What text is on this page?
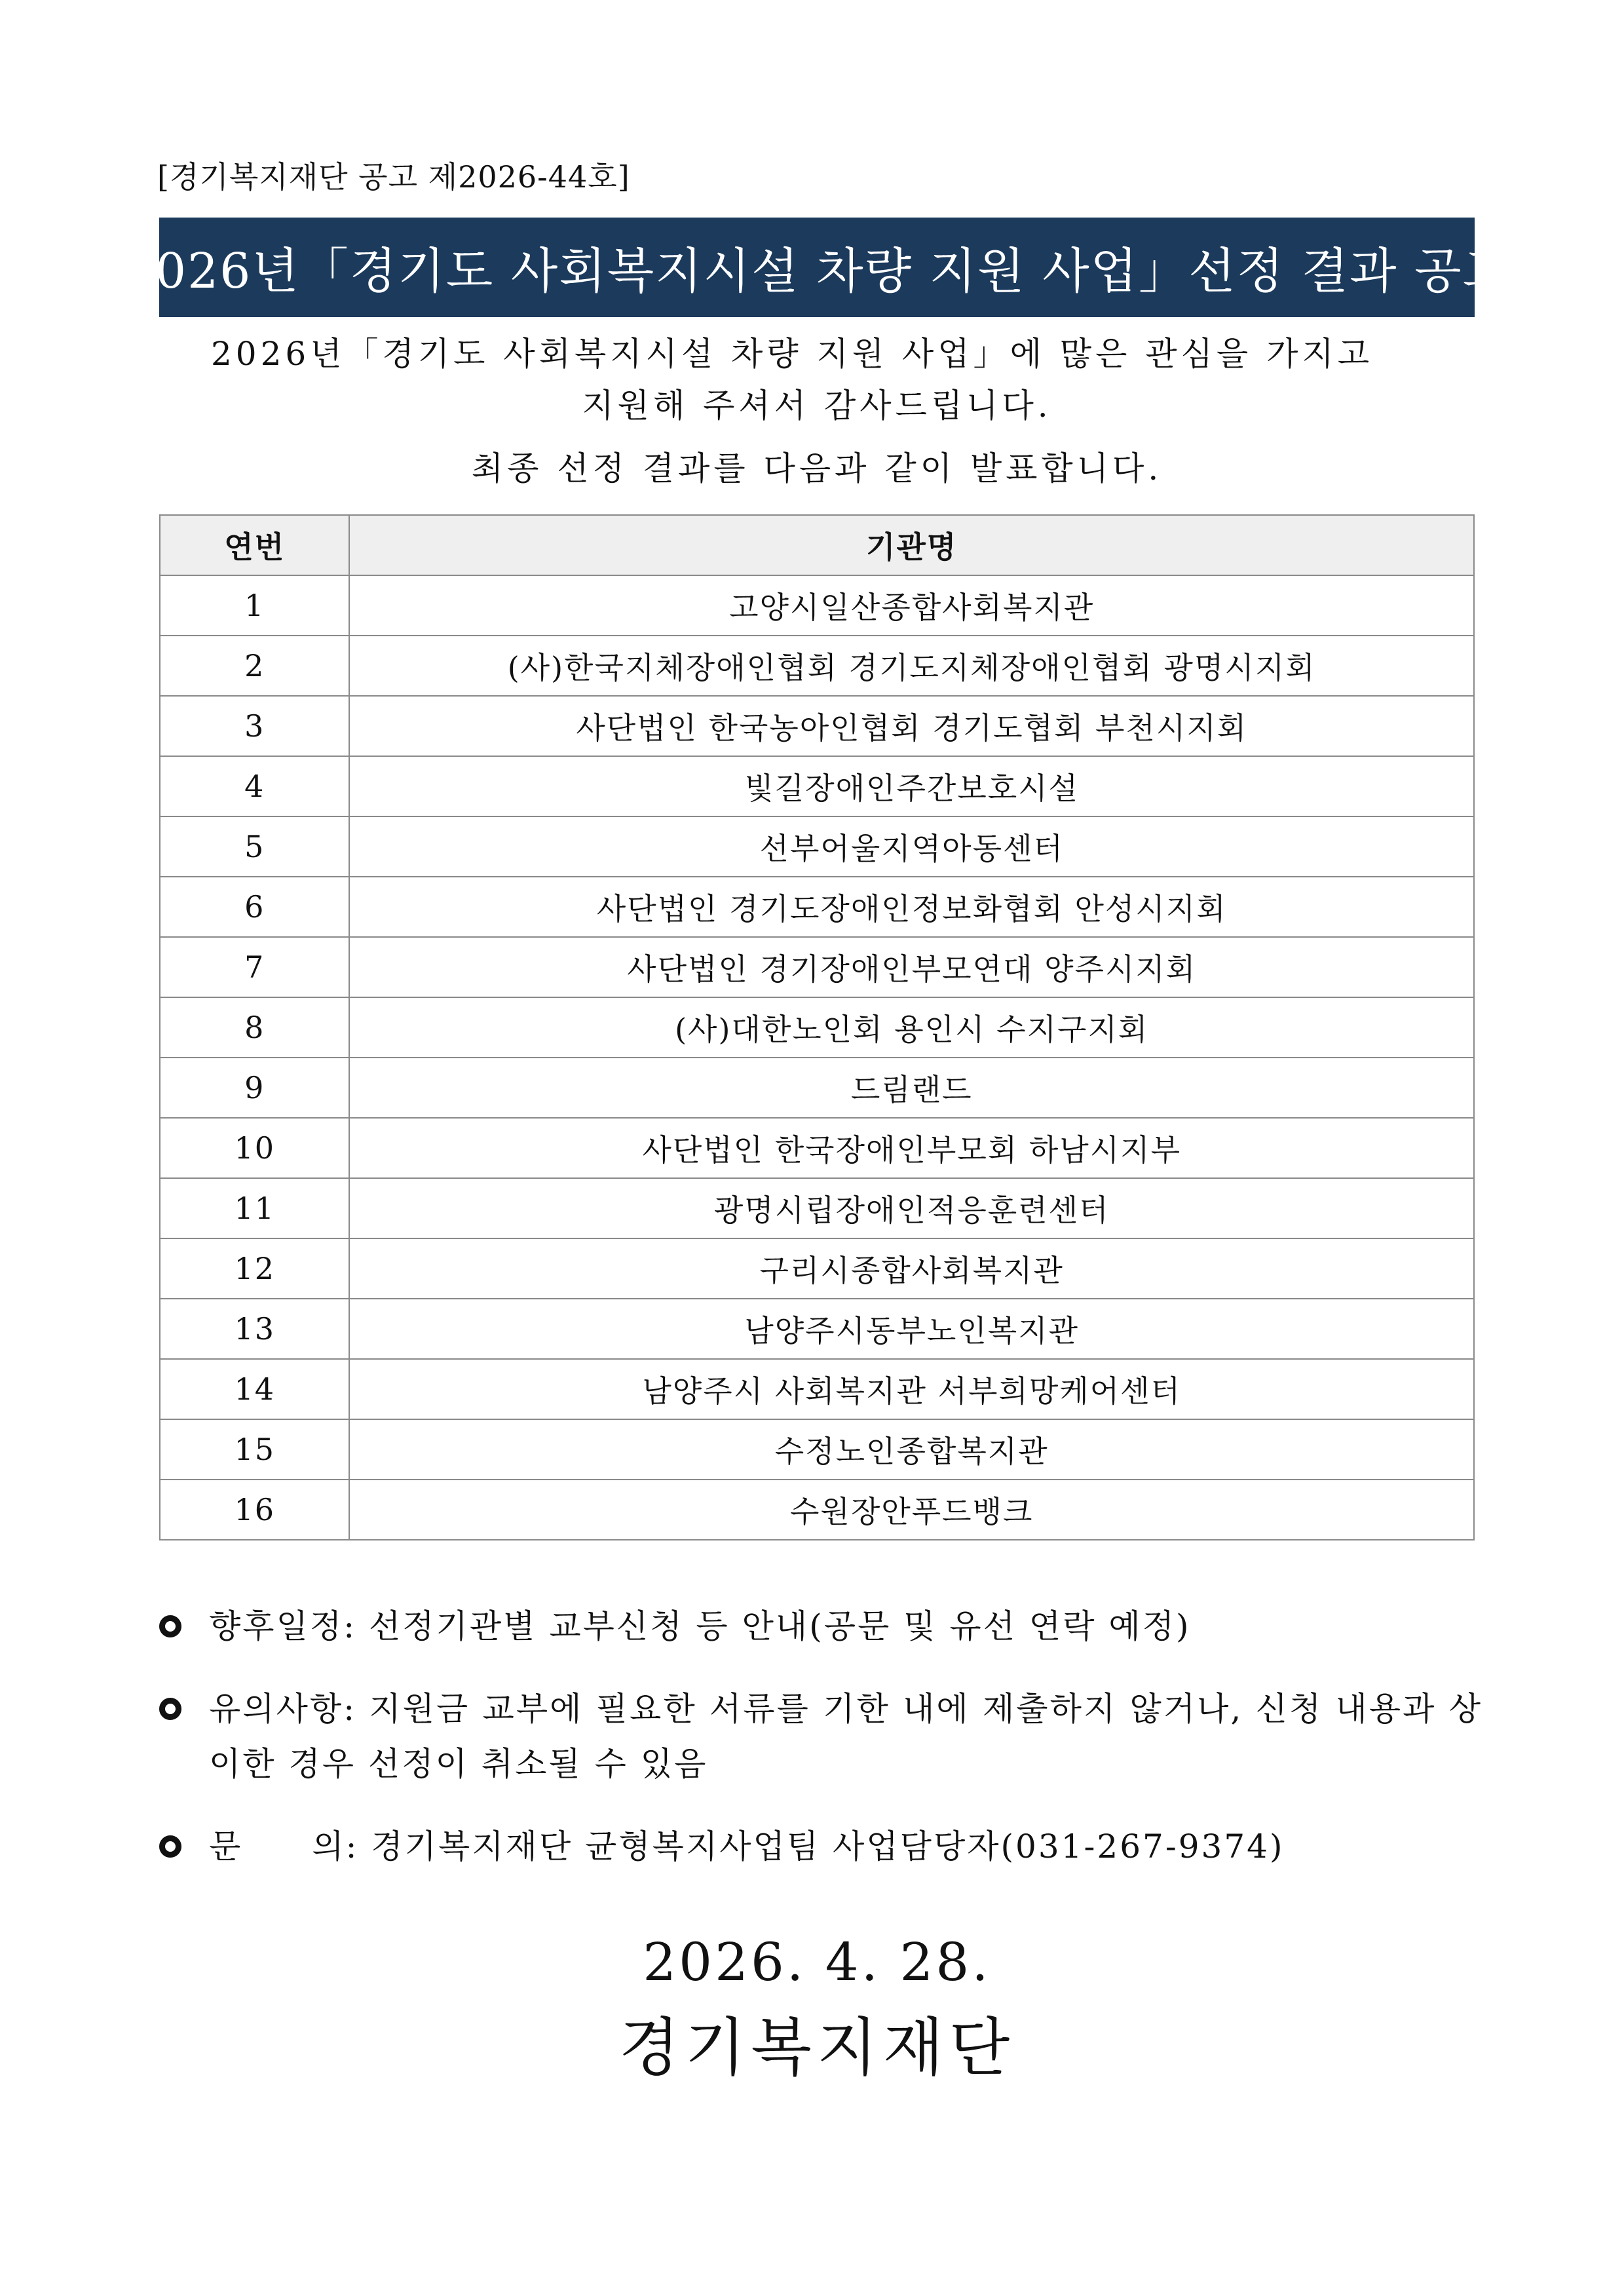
[경기복지재단 공고 제2026-44호]
2026년「경기도 사회복지시설 차량 지원 사업」선정 결과 공고
2026년「경기도 사회복지시설 차량 지원 사업」에 많은 관심을 가지고
지원해 주셔서 감사드립니다.
최종 선정 결과를 다음과 같이 발표합니다.
연번	기관명
1	고양시일산종합사회복지관
2	(사)한국지체장애인협회 경기도지체장애인협회 광명시지회
3	사단법인 한국농아인협회 경기도협회 부천시지회
4	빛길장애인주간보호시설
5	선부어울지역아동센터
6	사단법인 경기도장애인정보화협회 안성시지회
7	사단법인 경기장애인부모연대 양주시지회
8	(사)대한노인회 용인시 수지구지회
9	드림랜드
10	사단법인 한국장애인부모회 하남시지부
11	광명시립장애인적응훈련센터
12	구리시종합사회복지관
13	남양주시동부노인복지관
14	남양주시 사회복지관 서부희망케어센터
15	수정노인종합복지관
16	수원장안푸드뱅크
향후일정: 선정기관별 교부신청 등 안내(공문 및 유선 연락 예정)
유의사항: 지원금 교부에 필요한 서류를 기한 내에 제출하지 않거나, 신청 내용과 상이한 경우 선정이 취소될 수 있음
문　　의: 경기복지재단 균형복지사업팀 사업담당자(031-267-9374)
2026. 4. 28.
경기복지재단
